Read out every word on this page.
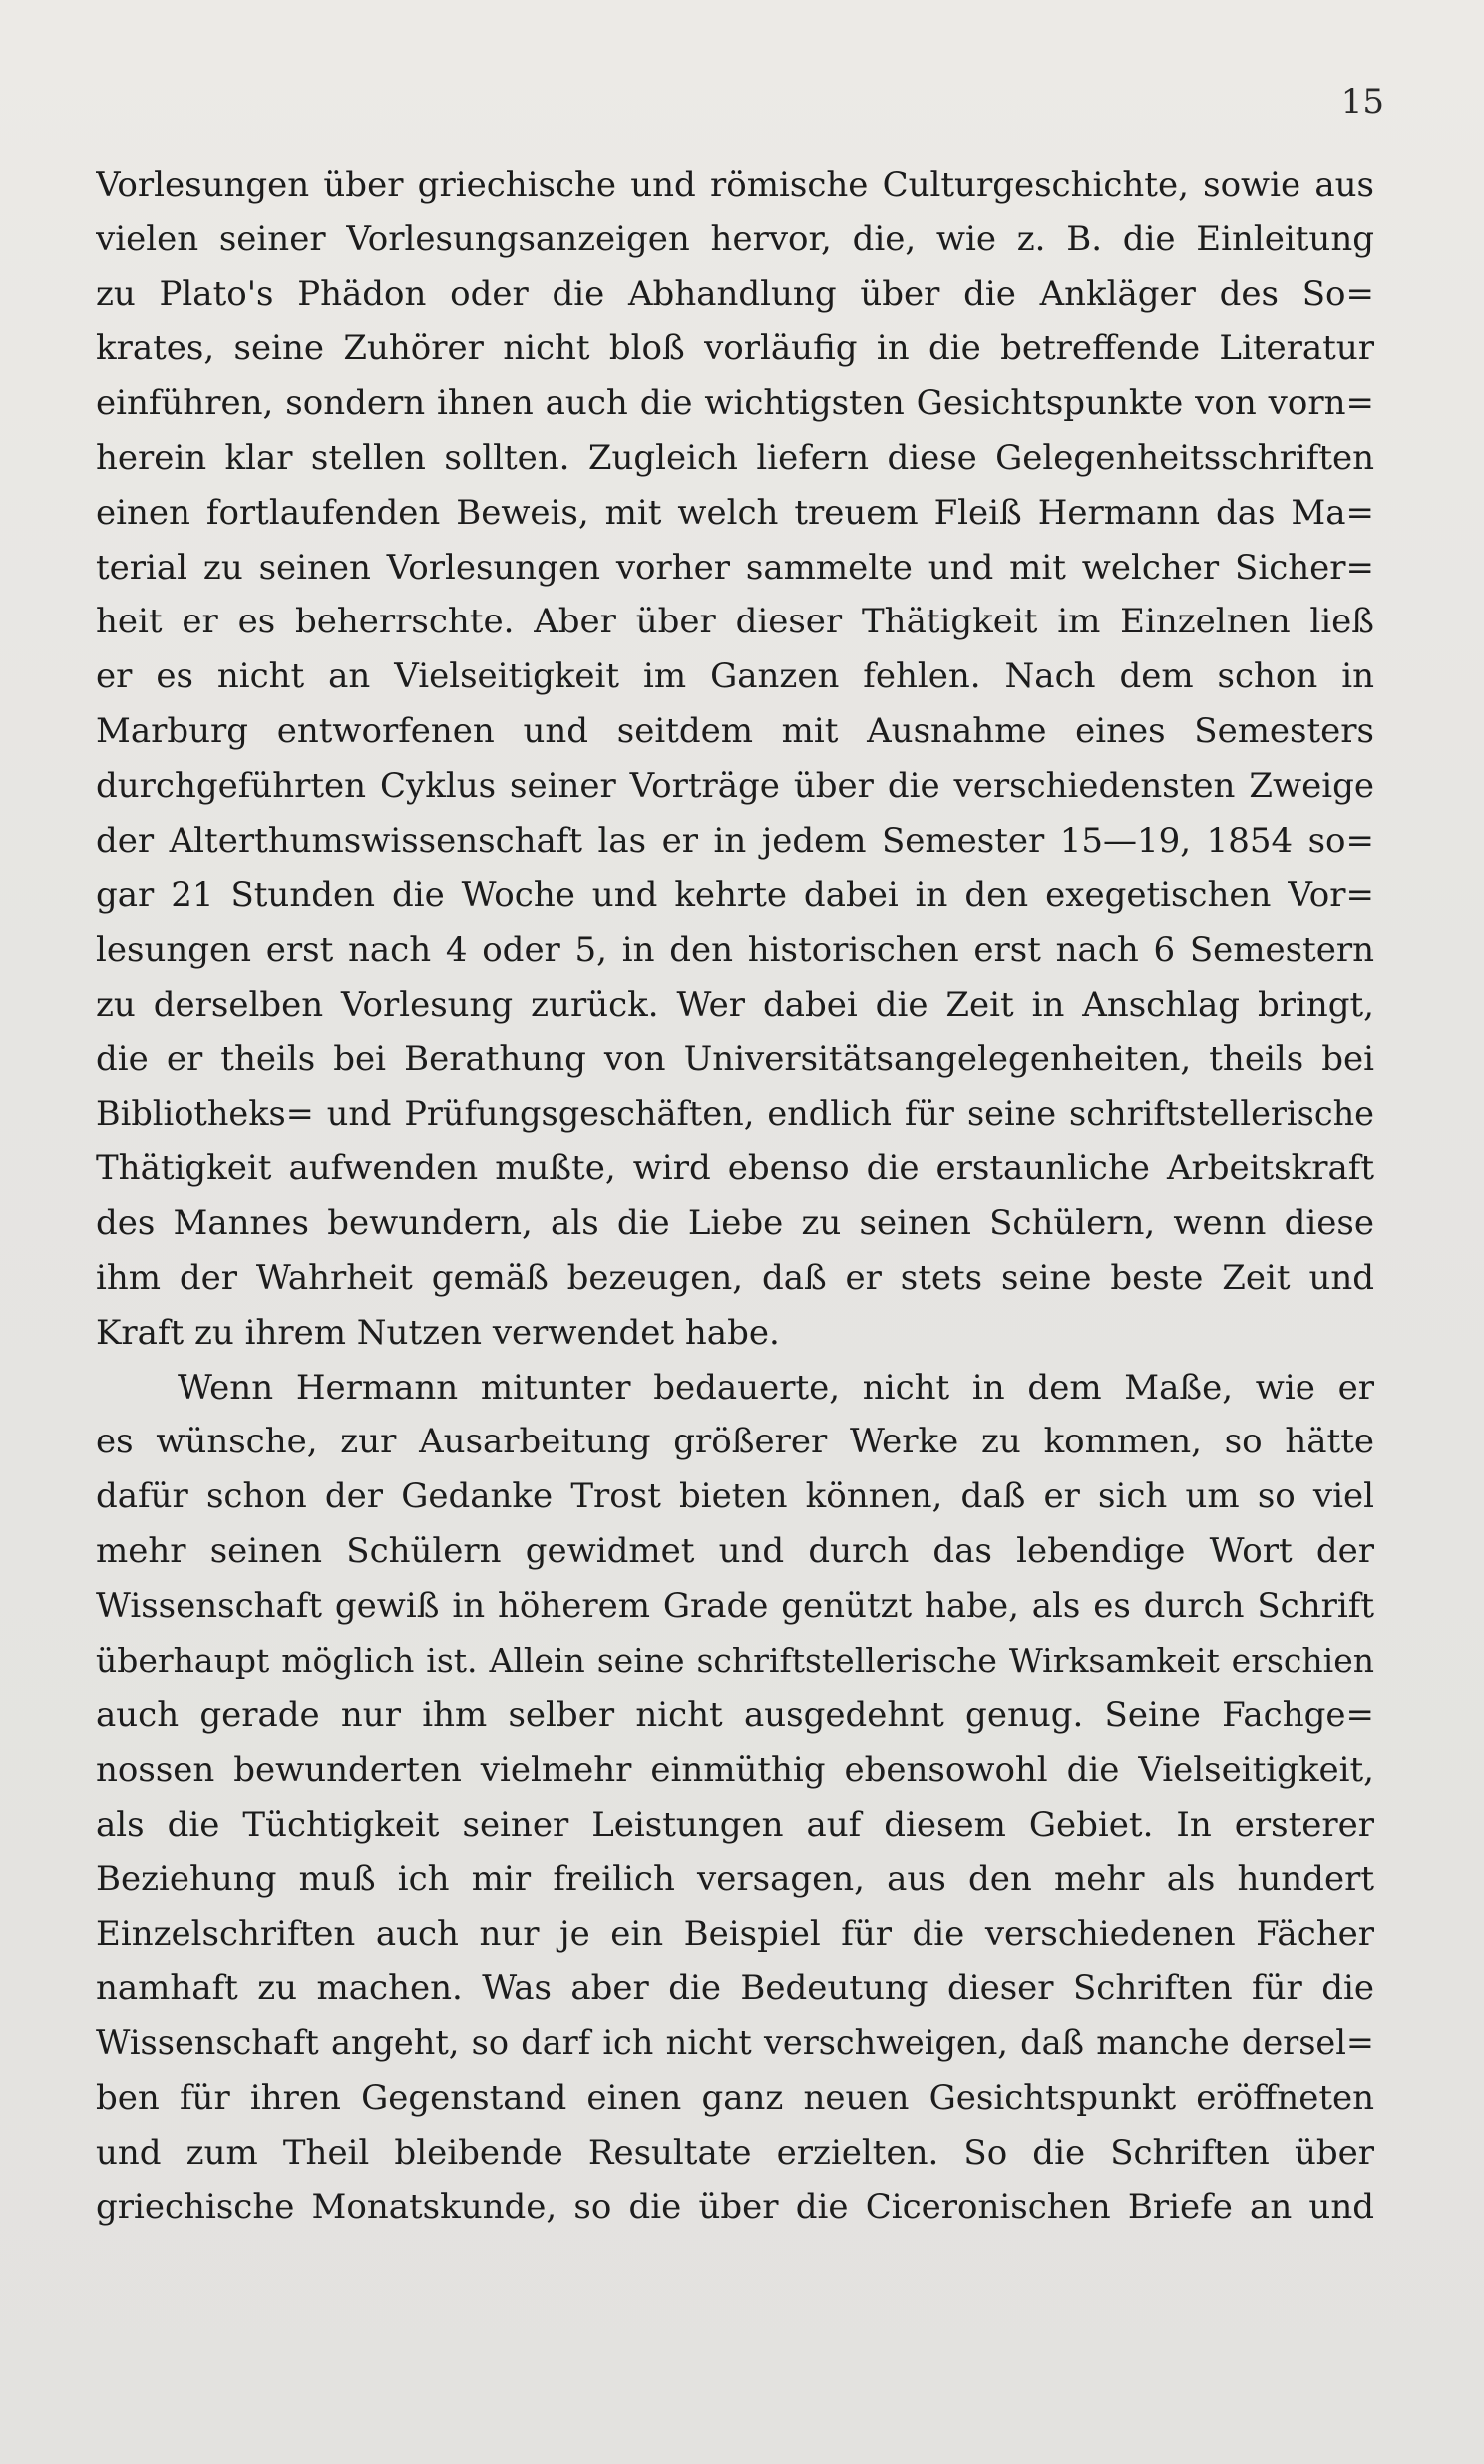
15
Vorlesungen über griechische und römische Culturgeschichte, sowie aus
vielen seiner Vorlesungsanzeigen hervor, die, wie z. B. die Einleitung
zu Plato's Phädon oder die Abhandlung über die Ankläger des So=
krates, seine Zuhörer nicht bloß vorläufig in die betreffende Literatur
einführen, sondern ihnen auch die wichtigsten Gesichtspunkte von vorn=
herein klar stellen sollten. Zugleich liefern diese Gelegenheitsschriften
einen fortlaufenden Beweis, mit welch treuem Fleiß Hermann das Ma=
terial zu seinen Vorlesungen vorher sammelte und mit welcher Sicher=
heit er es beherrschte. Aber über dieser Thätigkeit im Einzelnen ließ
er es nicht an Vielseitigkeit im Ganzen fehlen. Nach dem schon in
Marburg entworfenen und seitdem mit Ausnahme eines Semesters
durchgeführten Cyklus seiner Vorträge über die verschiedensten Zweige
der Alterthumswissenschaft las er in jedem Semester 15—19, 1854 so=
gar 21 Stunden die Woche und kehrte dabei in den exegetischen Vor=
lesungen erst nach 4 oder 5, in den historischen erst nach 6 Semestern
zu derselben Vorlesung zurück. Wer dabei die Zeit in Anschlag bringt,
die er theils bei Berathung von Universitätsangelegenheiten, theils bei
Bibliotheks= und Prüfungsgeschäften, endlich für seine schriftstellerische
Thätigkeit aufwenden mußte, wird ebenso die erstaunliche Arbeitskraft
des Mannes bewundern, als die Liebe zu seinen Schülern, wenn diese
ihm der Wahrheit gemäß bezeugen, daß er stets seine beste Zeit und
Kraft zu ihrem Nutzen verwendet habe.
Wenn Hermann mitunter bedauerte, nicht in dem Maße, wie er
es wünsche, zur Ausarbeitung größerer Werke zu kommen, so hätte
dafür schon der Gedanke Trost bieten können, daß er sich um so viel
mehr seinen Schülern gewidmet und durch das lebendige Wort der
Wissenschaft gewiß in höherem Grade genützt habe, als es durch Schrift
überhaupt möglich ist. Allein seine schriftstellerische Wirksamkeit erschien
auch gerade nur ihm selber nicht ausgedehnt genug. Seine Fachge=
nossen bewunderten vielmehr einmüthig ebensowohl die Vielseitigkeit,
als die Tüchtigkeit seiner Leistungen auf diesem Gebiet. In ersterer
Beziehung muß ich mir freilich versagen, aus den mehr als hundert
Einzelschriften auch nur je ein Beispiel für die verschiedenen Fächer
namhaft zu machen. Was aber die Bedeutung dieser Schriften für die
Wissenschaft angeht, so darf ich nicht verschweigen, daß manche dersel=
ben für ihren Gegenstand einen ganz neuen Gesichtspunkt eröffneten
und zum Theil bleibende Resultate erzielten. So die Schriften über
griechische Monatskunde, so die über die Ciceronischen Briefe an und
